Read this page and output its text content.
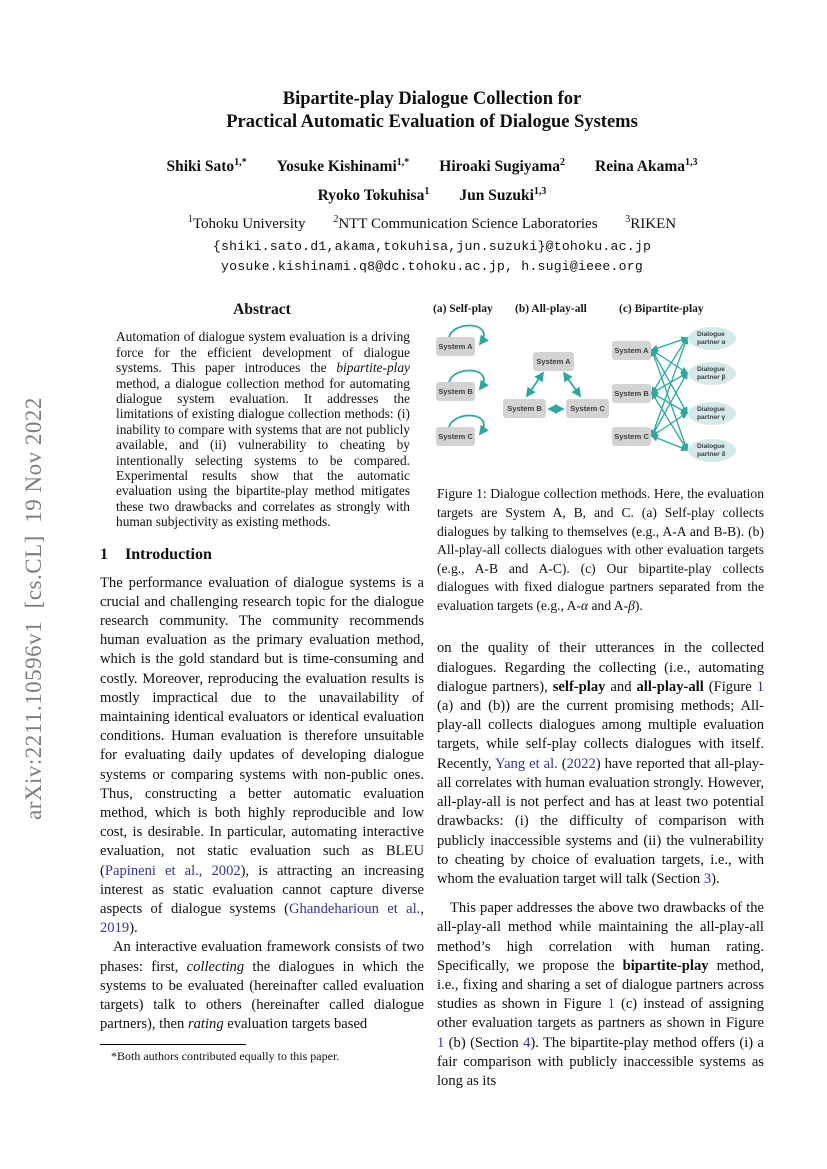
arXiv:2211.10596v1  [cs.CL]  19 Nov 2022
Bipartite-play Dialogue Collection for
Practical Automatic Evaluation of Dialogue Systems
Shiki Sato$^{1,*}$ Yosuke Kishinami$^{1,*}$ Hiroaki Sugiyama$^2$ Reina Akama$^{1,3}$
Ryoko Tokuhisa$^1$ Jun Suzuki$^{1,3}$
$^1$Tohoku University	$^2$NTT Communication Science Laboratories	$^3$RIKEN
{shiki.sato.d1,akama,tokuhisa,jun.suzuki}@tohoku.ac.jp
yosuke.kishinami.q8@dc.tohoku.ac.jp, h.sugi@ieee.org
Abstract

Automation of dialogue system evaluation is a driving force for the efficient development of dialogue systems. This paper introduces the bipartite-play method, a dialogue collection method for automating dialogue system evaluation. It addresses the limitations of existing dialogue collection methods: (i) inability to compare with systems that are not publicly available, and (ii) vulnerability to cheating by intentionally selecting systems to be compared. Experimental results show that the automatic evaluation using the bipartite-play method mitigates these two drawbacks and correlates as strongly with human subjectivity as existing methods.

1 Introduction

The performance evaluation of dialogue systems is a crucial and challenging research topic for the dialogue research community. The community recommends human evaluation as the primary evaluation method, which is the gold standard but is time-consuming and costly. Moreover, reproducing the evaluation results is mostly impractical due to the unavailability of maintaining identical evaluators or identical evaluation conditions. Human evaluation is therefore unsuitable for evaluating daily updates of developing dialogue systems or comparing systems with non-public ones. Thus, constructing a better automatic evaluation method, which is both highly reproducible and low cost, is desirable. In particular, automating interactive evaluation, not static evaluation such as BLEU (Papineni et al., 2002), is attracting an increasing interest as static evaluation cannot capture diverse aspects of dialogue systems (Ghandeharioun et al., 2019).

An interactive evaluation framework consists of two phases: first, collecting the dialogues in which the systems to be evaluated (hereinafter called evaluation targets) talk to others (hereinafter called dialogue partners), then rating evaluation targets based

*Both authors contributed equally to this paper.

(a) Self-play (b) All-play-all	(c) Bipartite-play
System A
System B
System C
System A
System B	System C
System A
System B
System C
Dialogue
partner α
Dialogue
partner β
Dialogue
partner γ
Dialogue
partner δ
Figure 1: Dialogue collection methods. Here, the evaluation targets are System A, B, and C. (a) Self-play collects dialogues by talking to themselves (e.g., A-A and B-B). (b) All-play-all collects dialogues with other evaluation targets (e.g., A-B and A-C). (c) Our bipartite-play collects dialogues with fixed dialogue partners separated from the evaluation targets (e.g., A-α and A-β).

on the quality of their utterances in the collected dialogues. Regarding the collecting (i.e., automating dialogue partners), self-play and all-play-all (Figure 1 (a) and (b)) are the current promising methods; All-play-all collects dialogues among multiple evaluation targets, while self-play collects dialogues with itself. Recently, Yang et al. (2022) have reported that all-play-all correlates with human evaluation strongly. However, all-play-all is not perfect and has at least two potential drawbacks: (i) the difficulty of comparison with publicly inaccessible systems and (ii) the vulnerability to cheating by choice of evaluation targets, i.e., with whom the evaluation target will talk (Section 3).

This paper addresses the above two drawbacks of the all-play-all method while maintaining the all-play-all method’s high correlation with human rating. Specifically, we propose the bipartite-play method, i.e., fixing and sharing a set of dialogue partners across studies as shown in Figure 1 (c) instead of assigning other evaluation targets as partners as shown in Figure 1 (b) (Section 4). The bipartite-play method offers (i) a fair comparison with publicly inaccessible systems as long as its
